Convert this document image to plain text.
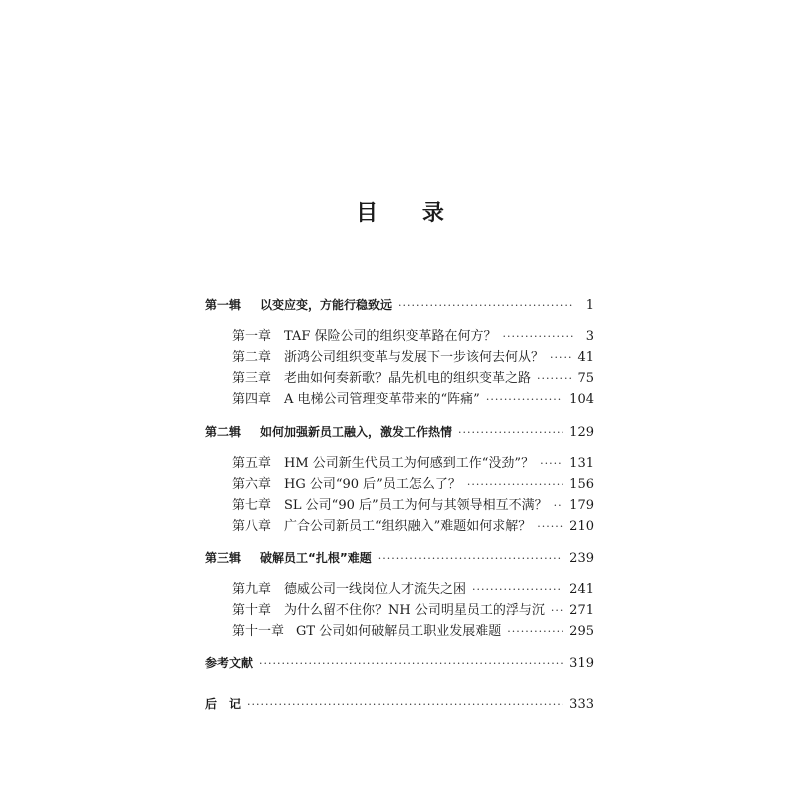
目 录
第一辑	以变应变，方能行稳致远 ·····	1
第一章 TAF 保险公司的组织变革路在何方？ ·····	3
第二章 浙鸿公司组织变革与发展下一步该何去何从？ ·····	41
第三章 老曲如何奏新歌？晶先机电的组织变革之路 ·····	75
第四章 A 电梯公司管理变革带来的“阵痛” ·····	104
第二辑	如何加强新员工融入，激发工作热情 ·····	129
第五章 HM 公司新生代员工为何感到工作“没劲”？ ·····	131
第六章 HG 公司“90 后”员工怎么了？ ·····	156
第七章 SL 公司“90 后”员工为何与其领导相互不满？ ····· 179
第八章 广合公司新员工“组织融入”难题如何求解？ ·····	210
第三辑	破解员工“扎根”难题 ·····	239
第九章 德威公司一线岗位人才流失之困 ·····	241
第十章 为什么留不住你？NH 公司明星员工的浮与沉 ····· 271
第十一章 GT 公司如何破解员工职业发展难题 ·····	295
参考文献 ·····	319
后　记 ·····	333
